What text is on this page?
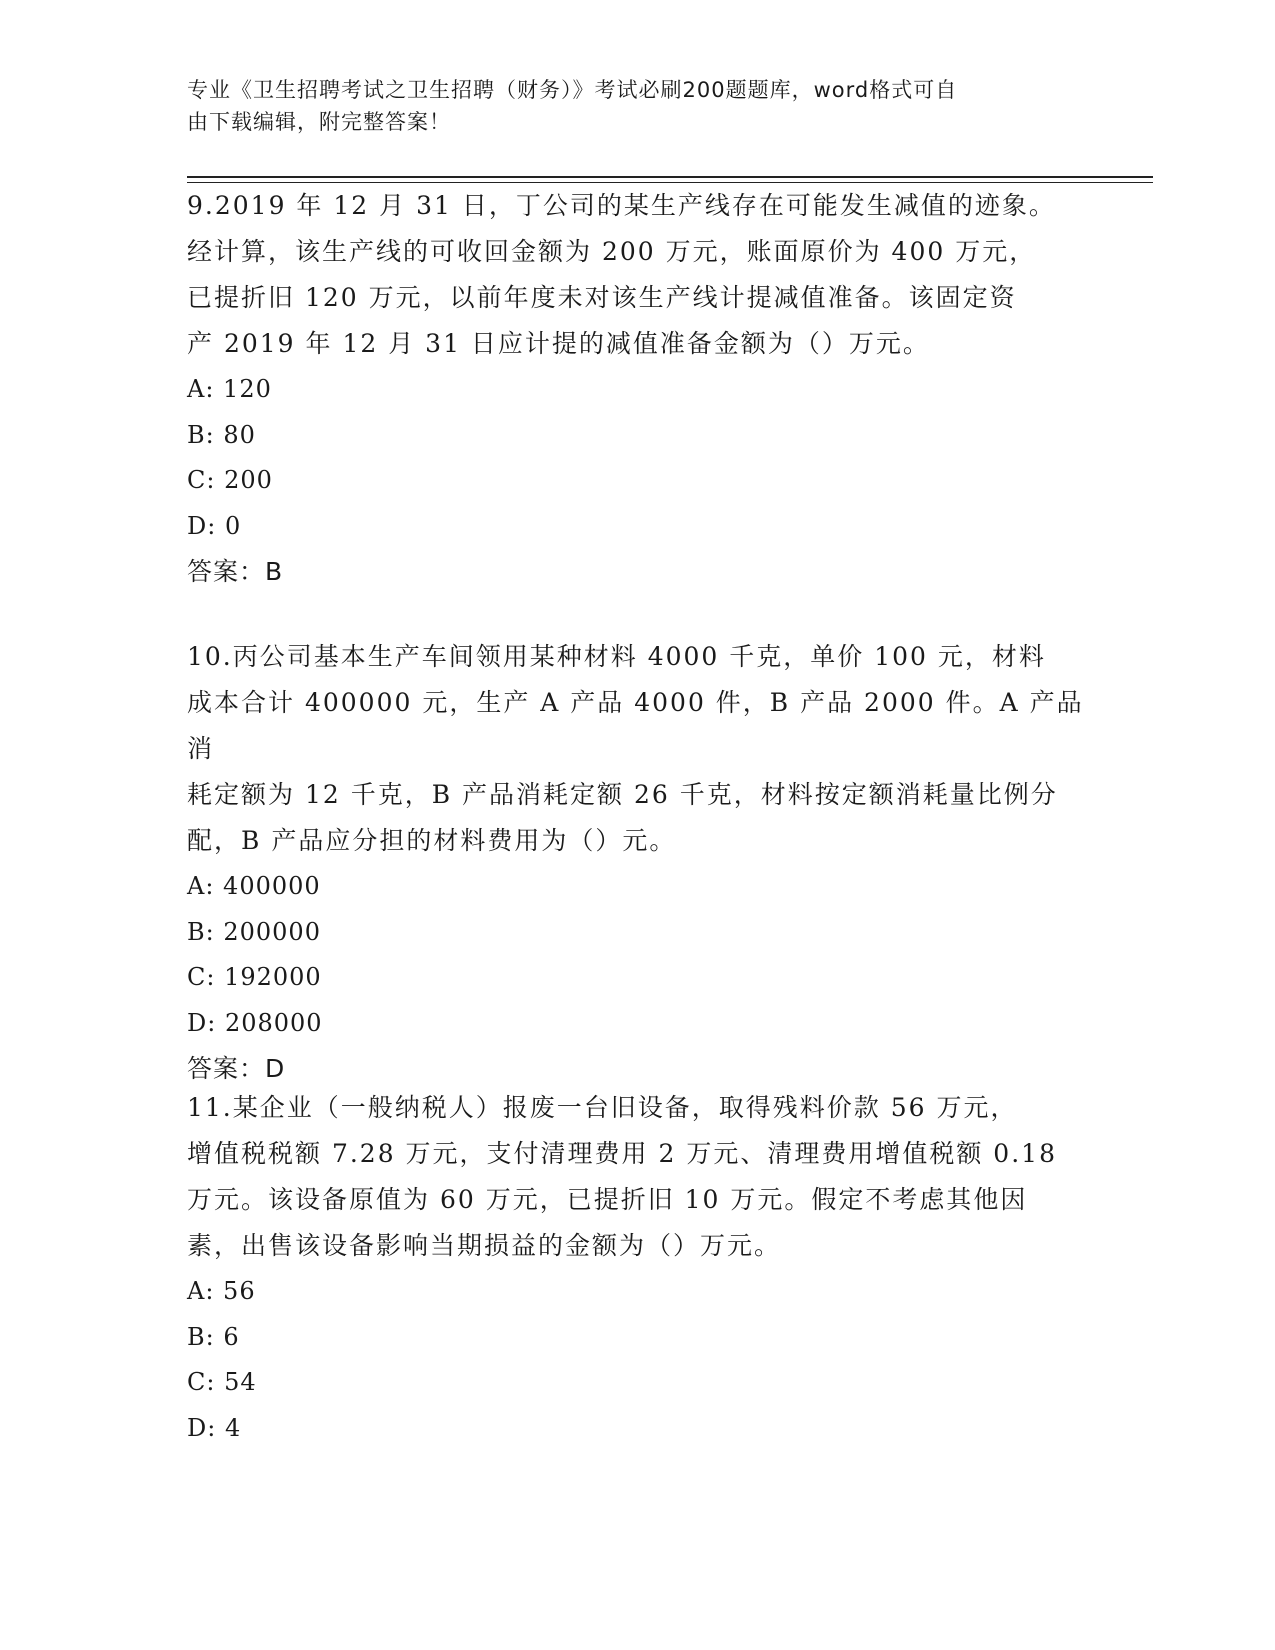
专业《卫生招聘考试之卫生招聘（财务）》考试必刷200题题库，word格式可自
由下载编辑，附完整答案！
9.2019 年 12 月 31 日，丁公司的某生产线存在可能发生减值的迹象。
经计算，该生产线的可收回金额为 200 万元，账面原价为 400 万元，
已提折旧 120 万元，以前年度未对该生产线计提减值准备。该固定资
产 2019 年 12 月 31 日应计提的减值准备金额为（）万元。
A: 120
B: 80
C: 200
D: 0
答案：B
10.丙公司基本生产车间领用某种材料 4000 千克，单价 100 元，材料
成本合计 400000 元，生产 A 产品 4000 件，B 产品 2000 件。A 产品消
耗定额为 12 千克，B 产品消耗定额 26 千克，材料按定额消耗量比例分
配，B 产品应分担的材料费用为（）元。
A: 400000
B: 200000
C: 192000
D: 208000
答案：D
11.某企业（一般纳税人）报废一台旧设备，取得残料价款 56 万元，
增值税税额 7.28 万元，支付清理费用 2 万元、清理费用增值税额 0.18
万元。该设备原值为 60 万元，已提折旧 10 万元。假定不考虑其他因
素，出售该设备影响当期损益的金额为（）万元。
A: 56
B: 6
C: 54
D: 4
